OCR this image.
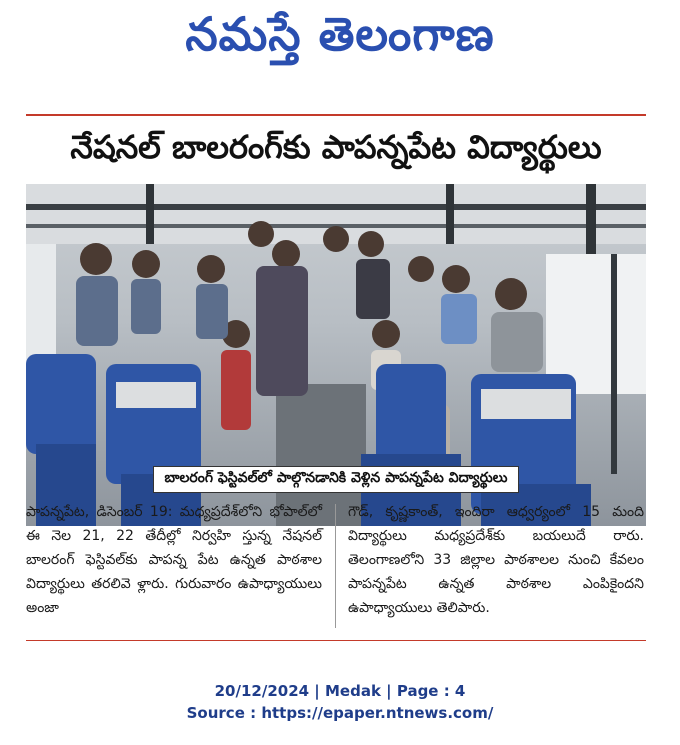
నమస్తే తెలంగాణ
నేషనల్ బాలరంగ్‌కు పాపన్నపేట విద్యార్థులు
బాలరంగ్ ఫెస్టివల్‌లో పాల్గొనడానికి వెళ్లిన పాపన్నపేట విద్యార్థులు
పాపన్నపేట, డిసెంబర్ 19: మధ్యప్రదేశ్‌లోని భోపాల్‌లో ఈ నెల 21, 22 తేదీల్లో నిర్వహి స్తున్న నేషనల్ బాలరంగ్ ఫెస్టివల్‌కు పాపన్న పేట ఉన్నత పాఠశాల విద్యార్థులు తరలివె ళ్లారు. గురువారం ఉపాధ్యాయులు అంజా
గౌడ్, కృష్ణకాంత్, ఇందిరా ఆధ్వర్యంలో 15 మంది విద్యార్థులు మధ్యప్రదేశ్‌కు బయలుదే రారు. తెలంగాణలోని 33 జిల్లాల పాఠశాలల నుంచి కేవలం పాపన్నపేట ఉన్నత పాఠశాల ఎంపికైందని ఉపాధ్యాయులు తెలిపారు.
20/12/2024 | Medak | Page : 4
Source : https://epaper.ntnews.com/
